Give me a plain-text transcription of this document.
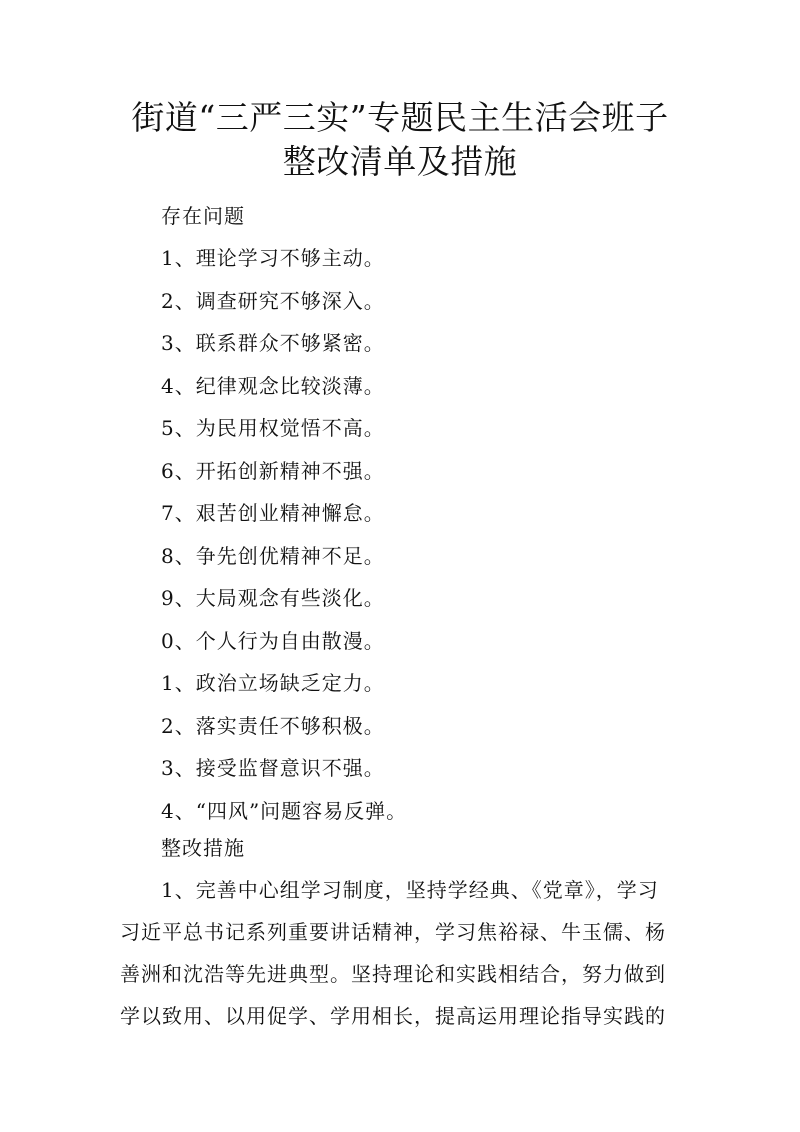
街道“三严三实”专题民主生活会班子
整改清单及措施

存在问题

1、理论学习不够主动。
2、调查研究不够深入。
3、联系群众不够紧密。
4、纪律观念比较淡薄。
5、为民用权觉悟不高。
6、开拓创新精神不强。
7、艰苦创业精神懈怠。
8、争先创优精神不足。
9、大局观念有些淡化。
0、个人行为自由散漫。
1、政治立场缺乏定力。
2、落实责任不够积极。
3、接受监督意识不强。
4、“四风”问题容易反弹。

整改措施

1、完善中心组学习制度，坚持学经典、《党章》，学习

习近平总书记系列重要讲话精神，学习焦裕禄、牛玉儒、杨

善洲和沈浩等先进典型。坚持理论和实践相结合，努力做到

学以致用、以用促学、学用相长，提高运用理论指导实践的
